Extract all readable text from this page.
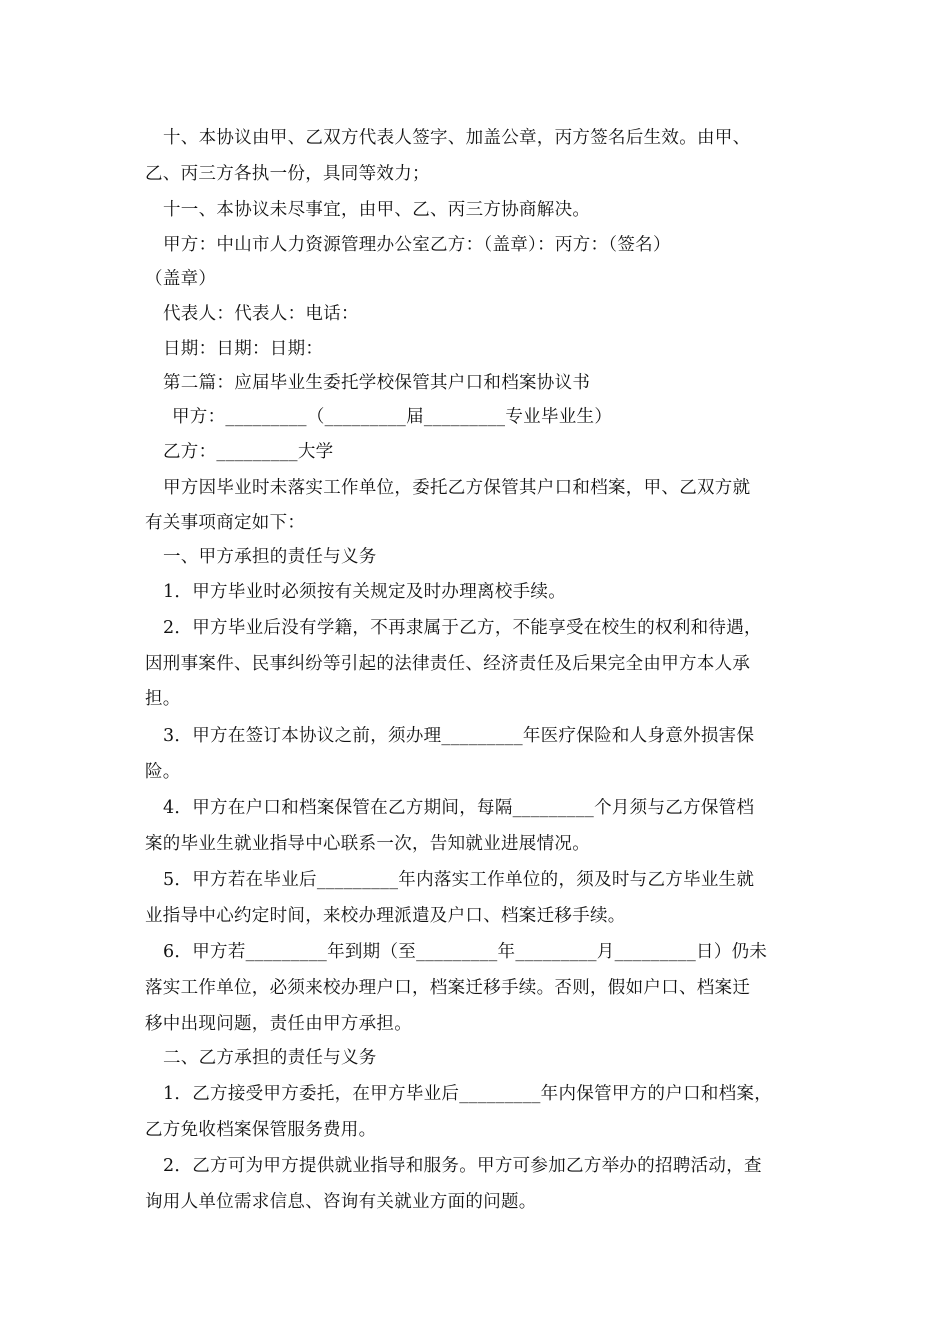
十、本协议由甲、乙双方代表人签字、加盖公章，丙方签名后生效。由甲、
乙、丙三方各执一份，具同等效力；
十一、本协议未尽事宜，由甲、乙、丙三方协商解决。
甲方：中山市人力资源管理办公室乙方：（盖章）：丙方：（签名）
（盖章）
代表人：代表人：电话：
日期：日期：日期：
第二篇：应届毕业生委托学校保管其户口和档案协议书
甲方：_________（_________届_________专业毕业生）
乙方：_________大学
甲方因毕业时未落实工作单位，委托乙方保管其户口和档案，甲、乙双方就
有关事项商定如下：
一、甲方承担的责任与义务
1．甲方毕业时必须按有关规定及时办理离校手续。
2．甲方毕业后没有学籍，不再隶属于乙方，不能享受在校生的权利和待遇，
因刑事案件、民事纠纷等引起的法律责任、经济责任及后果完全由甲方本人承
担。
3．甲方在签订本协议之前，须办理_________年医疗保险和人身意外损害保
险。
4．甲方在户口和档案保管在乙方期间，每隔_________个月须与乙方保管档
案的毕业生就业指导中心联系一次，告知就业进展情况。
5．甲方若在毕业后_________年内落实工作单位的，须及时与乙方毕业生就
业指导中心约定时间，来校办理派遣及户口、档案迁移手续。
6．甲方若_________年到期（至_________年_________月_________日）仍未
落实工作单位，必须来校办理户口，档案迁移手续。否则，假如户口、档案迁
移中出现问题，责任由甲方承担。
二、乙方承担的责任与义务
1．乙方接受甲方委托，在甲方毕业后_________年内保管甲方的户口和档案，
乙方免收档案保管服务费用。
2．乙方可为甲方提供就业指导和服务。甲方可参加乙方举办的招聘活动，查
询用人单位需求信息、咨询有关就业方面的问题。
